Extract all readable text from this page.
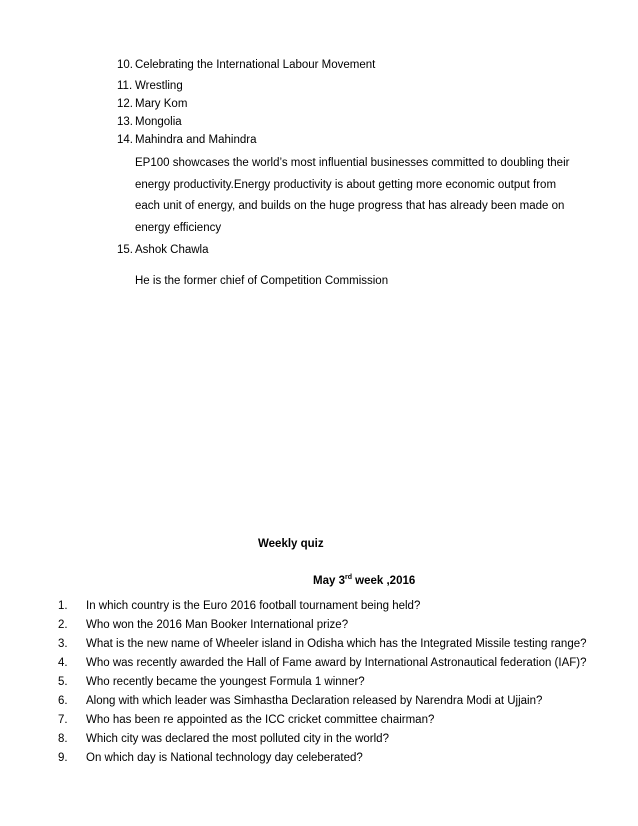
10. Celebrating the International Labour Movement
11. Wrestling
12. Mary Kom
13. Mongolia
14. Mahindra and Mahindra
EP100 showcases the world’s most influential businesses committed to doubling their energy productivity.Energy productivity is about getting more economic output from each unit of energy, and builds on the huge progress that has already been made on energy efficiency
15. Ashok Chawla
He is the former chief of Competition Commission
Weekly quiz
May 3rd week ,2016
1. In which country is the Euro 2016 football tournament being held?
2. Who won the 2016 Man Booker International prize?
3. What is the new name of Wheeler island in Odisha which has the Integrated Missile testing range?
4. Who was recently awarded the Hall of Fame award by International Astronautical federation (IAF)?
5. Who recently became the youngest Formula 1 winner?
6. Along with which leader was Simhastha Declaration released by Narendra Modi at Ujjain?
7. Who has been re appointed as the ICC cricket committee chairman?
8. Which city was declared the most polluted city in the world?
9. On which day is National technology day celeberated?
